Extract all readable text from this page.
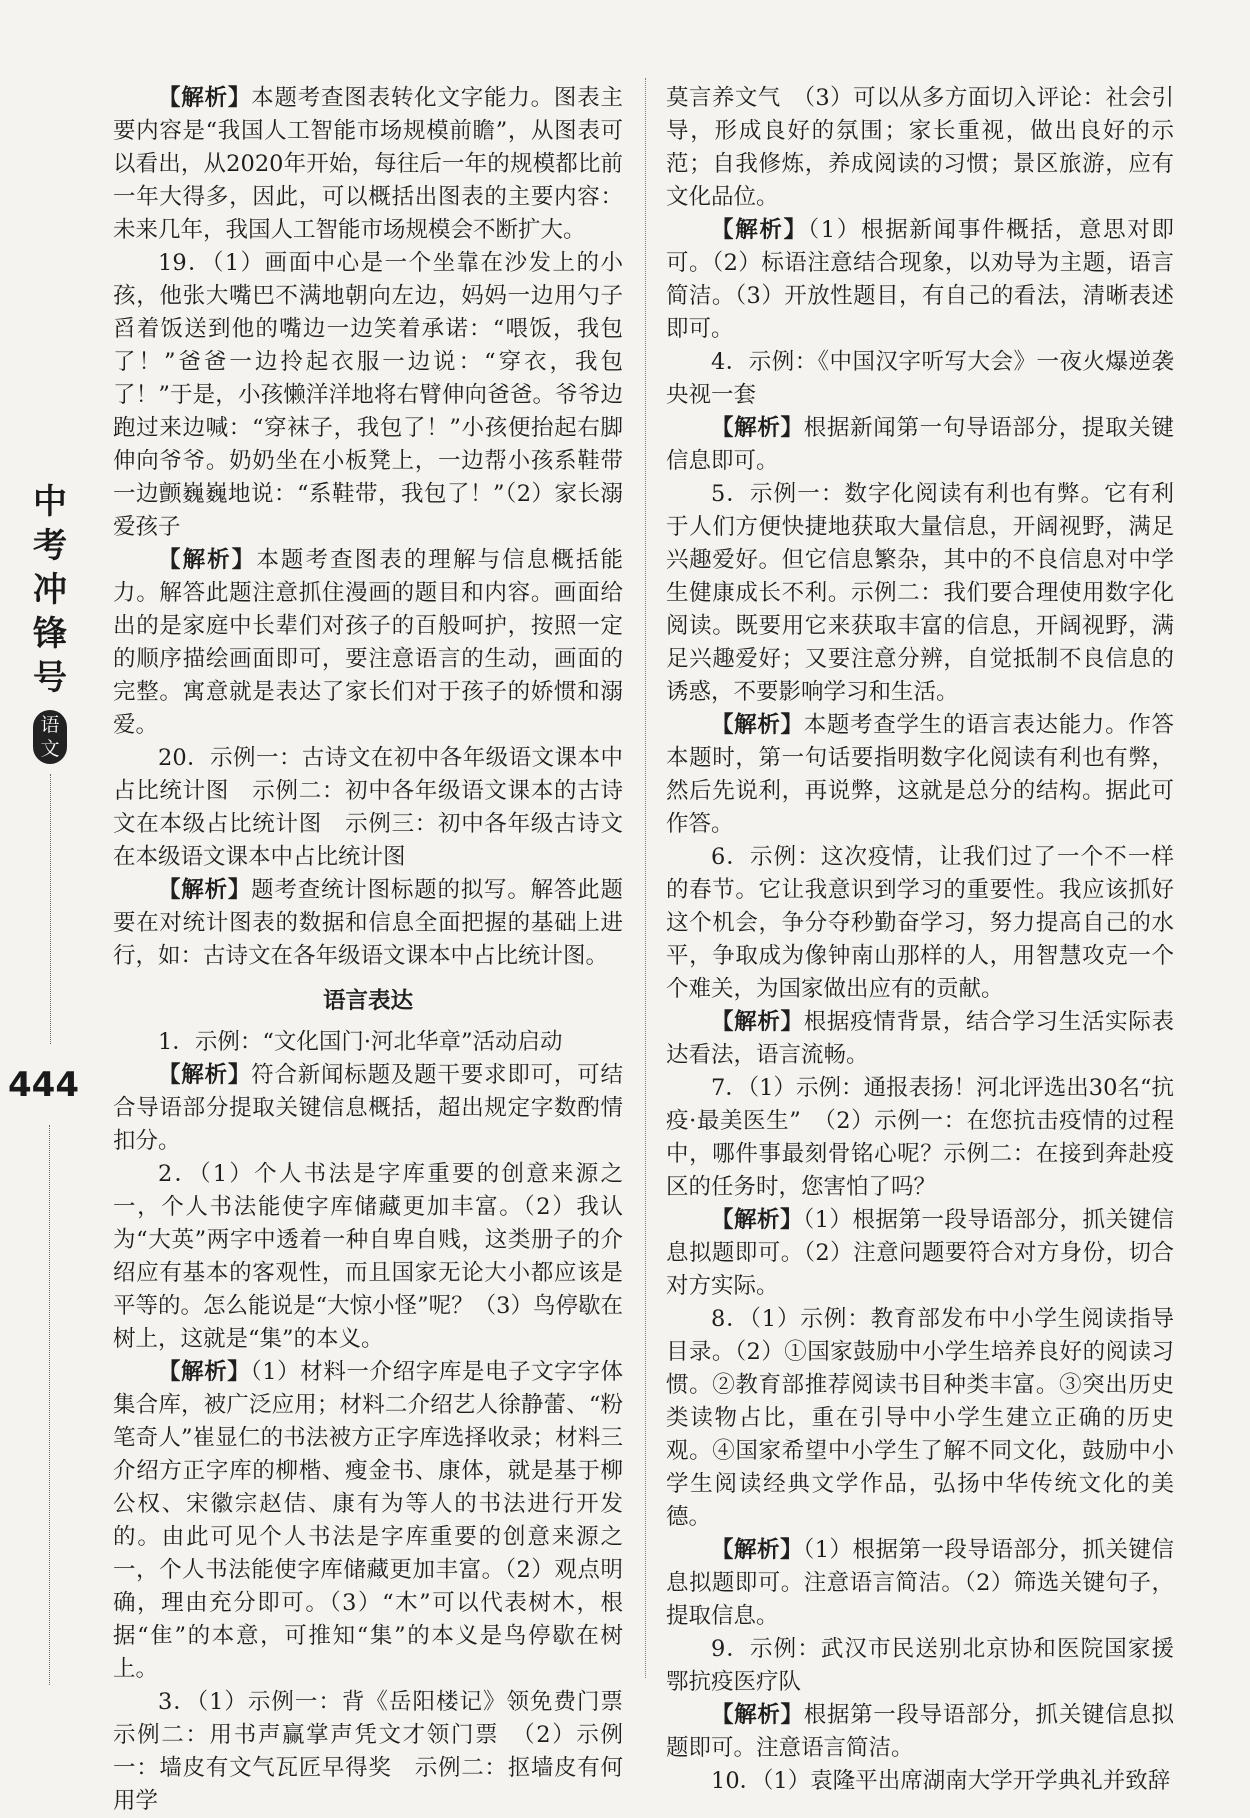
中考冲锋号
语文
444

【解析】本题考查图表转化文字能力。图表主要内容是“我国人工智能市场规模前瞻”，从图表可以看出，从2020年开始，每往后一年的规模都比前一年大得多，因此，可以概括出图表的主要内容：未来几年，我国人工智能市场规模会不断扩大。

19．（1）画面中心是一个坐靠在沙发上的小孩，他张大嘴巴不满地朝向左边，妈妈一边用勺子舀着饭送到他的嘴边一边笑着承诺：“喂饭，我包了！”爸爸一边拎起衣服一边说：“穿衣，我包了！”于是，小孩懒洋洋地将右臂伸向爸爸。爷爷边跑过来边喊：“穿袜子，我包了！”小孩便抬起右脚伸向爷爷。奶奶坐在小板凳上，一边帮小孩系鞋带一边颤巍巍地说：“系鞋带，我包了！”（2）家长溺爱孩子

【解析】本题考查图表的理解与信息概括能力。解答此题注意抓住漫画的题目和内容。画面给出的是家庭中长辈们对孩子的百般呵护，按照一定的顺序描绘画面即可，要注意语言的生动，画面的完整。寓意就是表达了家长们对于孩子的娇惯和溺爱。

20．示例一：古诗文在初中各年级语文课本中占比统计图　示例二：初中各年级语文课本的古诗文在本级占比统计图　示例三：初中各年级古诗文在本级语文课本中占比统计图

【解析】题考查统计图标题的拟写。解答此题要在对统计图表的数据和信息全面把握的基础上进行，如：古诗文在各年级语文课本中占比统计图。

语言表达

1．示例：“文化国门·河北华章”活动启动

【解析】符合新闻标题及题干要求即可，可结合导语部分提取关键信息概括，超出规定字数酌情扣分。

2．（1）个人书法是字库重要的创意来源之一，个人书法能使字库储藏更加丰富。（2）我认为“大英”两字中透着一种自卑自贱，这类册子的介绍应有基本的客观性，而且国家无论大小都应该是平等的。怎么能说是“大惊小怪”呢？（3）鸟停歇在树上，这就是“集”的本义。

【解析】（1）材料一介绍字库是电子文字字体集合库，被广泛应用；材料二介绍艺人徐静蕾、“粉笔奇人”崔显仁的书法被方正字库选择收录；材料三介绍方正字库的柳楷、瘦金书、康体，就是基于柳公权、宋徽宗赵佶、康有为等人的书法进行开发的。由此可见个人书法是字库重要的创意来源之一，个人书法能使字库储藏更加丰富。（2）观点明确，理由充分即可。（3）“木”可以代表树木，根据“隹”的本意，可推知“集”的本义是鸟停歇在树上。

3．（1）示例一：背《岳阳楼记》领免费门票　示例二：用书声赢掌声凭文才领门票　（2）示例一：墙皮有文气瓦匠早得奖　示例二：抠墙皮有何用学

莫言养文气　（3）可以从多方面切入评论：社会引导，形成良好的氛围；家长重视，做出良好的示范；自我修炼，养成阅读的习惯；景区旅游，应有文化品位。

【解析】（1）根据新闻事件概括，意思对即可。（2）标语注意结合现象，以劝导为主题，语言简洁。（3）开放性题目，有自己的看法，清晰表述即可。

4．示例：《中国汉字听写大会》一夜火爆逆袭央视一套

【解析】根据新闻第一句导语部分，提取关键信息即可。

5．示例一：数字化阅读有利也有弊。它有利于人们方便快捷地获取大量信息，开阔视野，满足兴趣爱好。但它信息繁杂，其中的不良信息对中学生健康成长不利。示例二：我们要合理使用数字化阅读。既要用它来获取丰富的信息，开阔视野，满足兴趣爱好；又要注意分辨，自觉抵制不良信息的诱惑，不要影响学习和生活。

【解析】本题考查学生的语言表达能力。作答本题时，第一句话要指明数字化阅读有利也有弊，然后先说利，再说弊，这就是总分的结构。据此可作答。

6．示例：这次疫情，让我们过了一个不一样的春节。它让我意识到学习的重要性。我应该抓好这个机会，争分夺秒勤奋学习，努力提高自己的水平，争取成为像钟南山那样的人，用智慧攻克一个个难关，为国家做出应有的贡献。

【解析】根据疫情背景，结合学习生活实际表达看法，语言流畅。

7．（1）示例：通报表扬！河北评选出30名“抗疫·最美医生”　（2）示例一：在您抗击疫情的过程中，哪件事最刻骨铭心呢？示例二：在接到奔赴疫区的任务时，您害怕了吗？

【解析】（1）根据第一段导语部分，抓关键信息拟题即可。（2）注意问题要符合对方身份，切合对方实际。

8．（1）示例：教育部发布中小学生阅读指导目录。（2）①国家鼓励中小学生培养良好的阅读习惯。②教育部推荐阅读书目种类丰富。③突出历史类读物占比，重在引导中小学生建立正确的历史观。④国家希望中小学生了解不同文化，鼓励中小学生阅读经典文学作品，弘扬中华传统文化的美德。

【解析】（1）根据第一段导语部分，抓关键信息拟题即可。注意语言简洁。（2）筛选关键句子，提取信息。

9．示例：武汉市民送别北京协和医院国家援鄂抗疫医疗队

【解析】根据第一段导语部分，抓关键信息拟题即可。注意语言简洁。

10．（1）袁隆平出席湖南大学开学典礼并致辞
